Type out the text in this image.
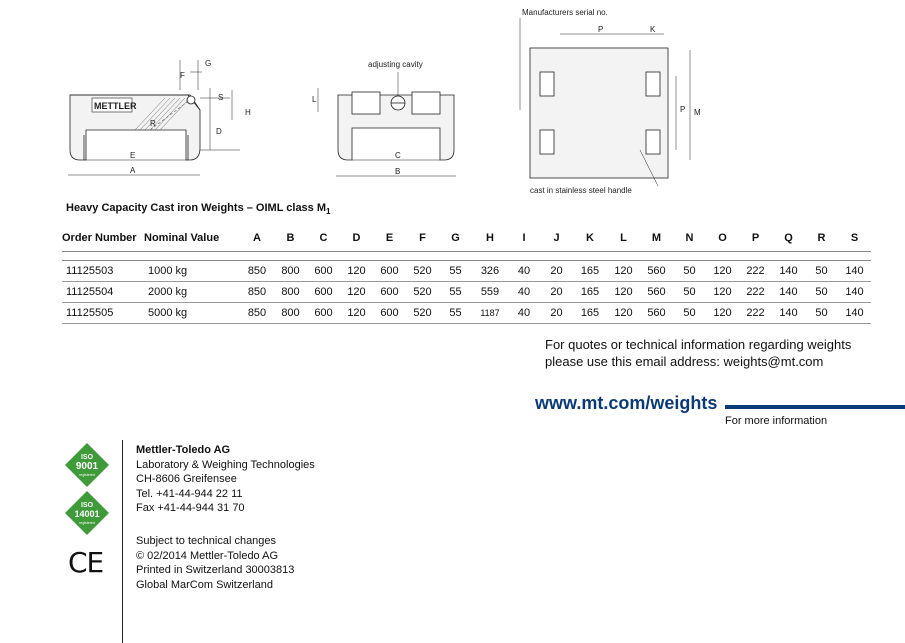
METTLER
F
G
S
H
E
A
D
R
adjusting cavity
C
B
L
Manufacturers serial no.
P	K
M
P
cast in stainless steel handle
Heavy Capacity Cast iron Weights – OIML class $M_1$
Order Number	Nominal Value	A	B	C	D	E	F	G	H	I	J	K	L	M	N	O	P	Q	R	S

11125503	1000 kg	850	800	600	120	600	520	55	326	40	20	165	120	560	50	120	222	140	50	140
11125504	2000 kg	850	800	600	120	600	520	55	559	40	20	165	120	560	50	120	222	140	50	140
11125505	5000 kg	850	800	600	120	600	520	55	1187	40	20	165	120	560	50	120	222	140	50	140
For quotes or technical information regarding weights
please use this email address: weights@mt.com
www.mt.com/weights
For more information
Mettler-Toledo AG
Laboratory & Weighing Technologies
CH-8606 Greifensee
Tel. +41-44-944 22 11
Fax +41-44-944 31 70
Subject to technical changes
© 02/2014 Mettler-Toledo AG
Printed in Switzerland 30003813
Global MarCom Switzerland
ISO
9001
registered
ISO
14001
registered
CE
